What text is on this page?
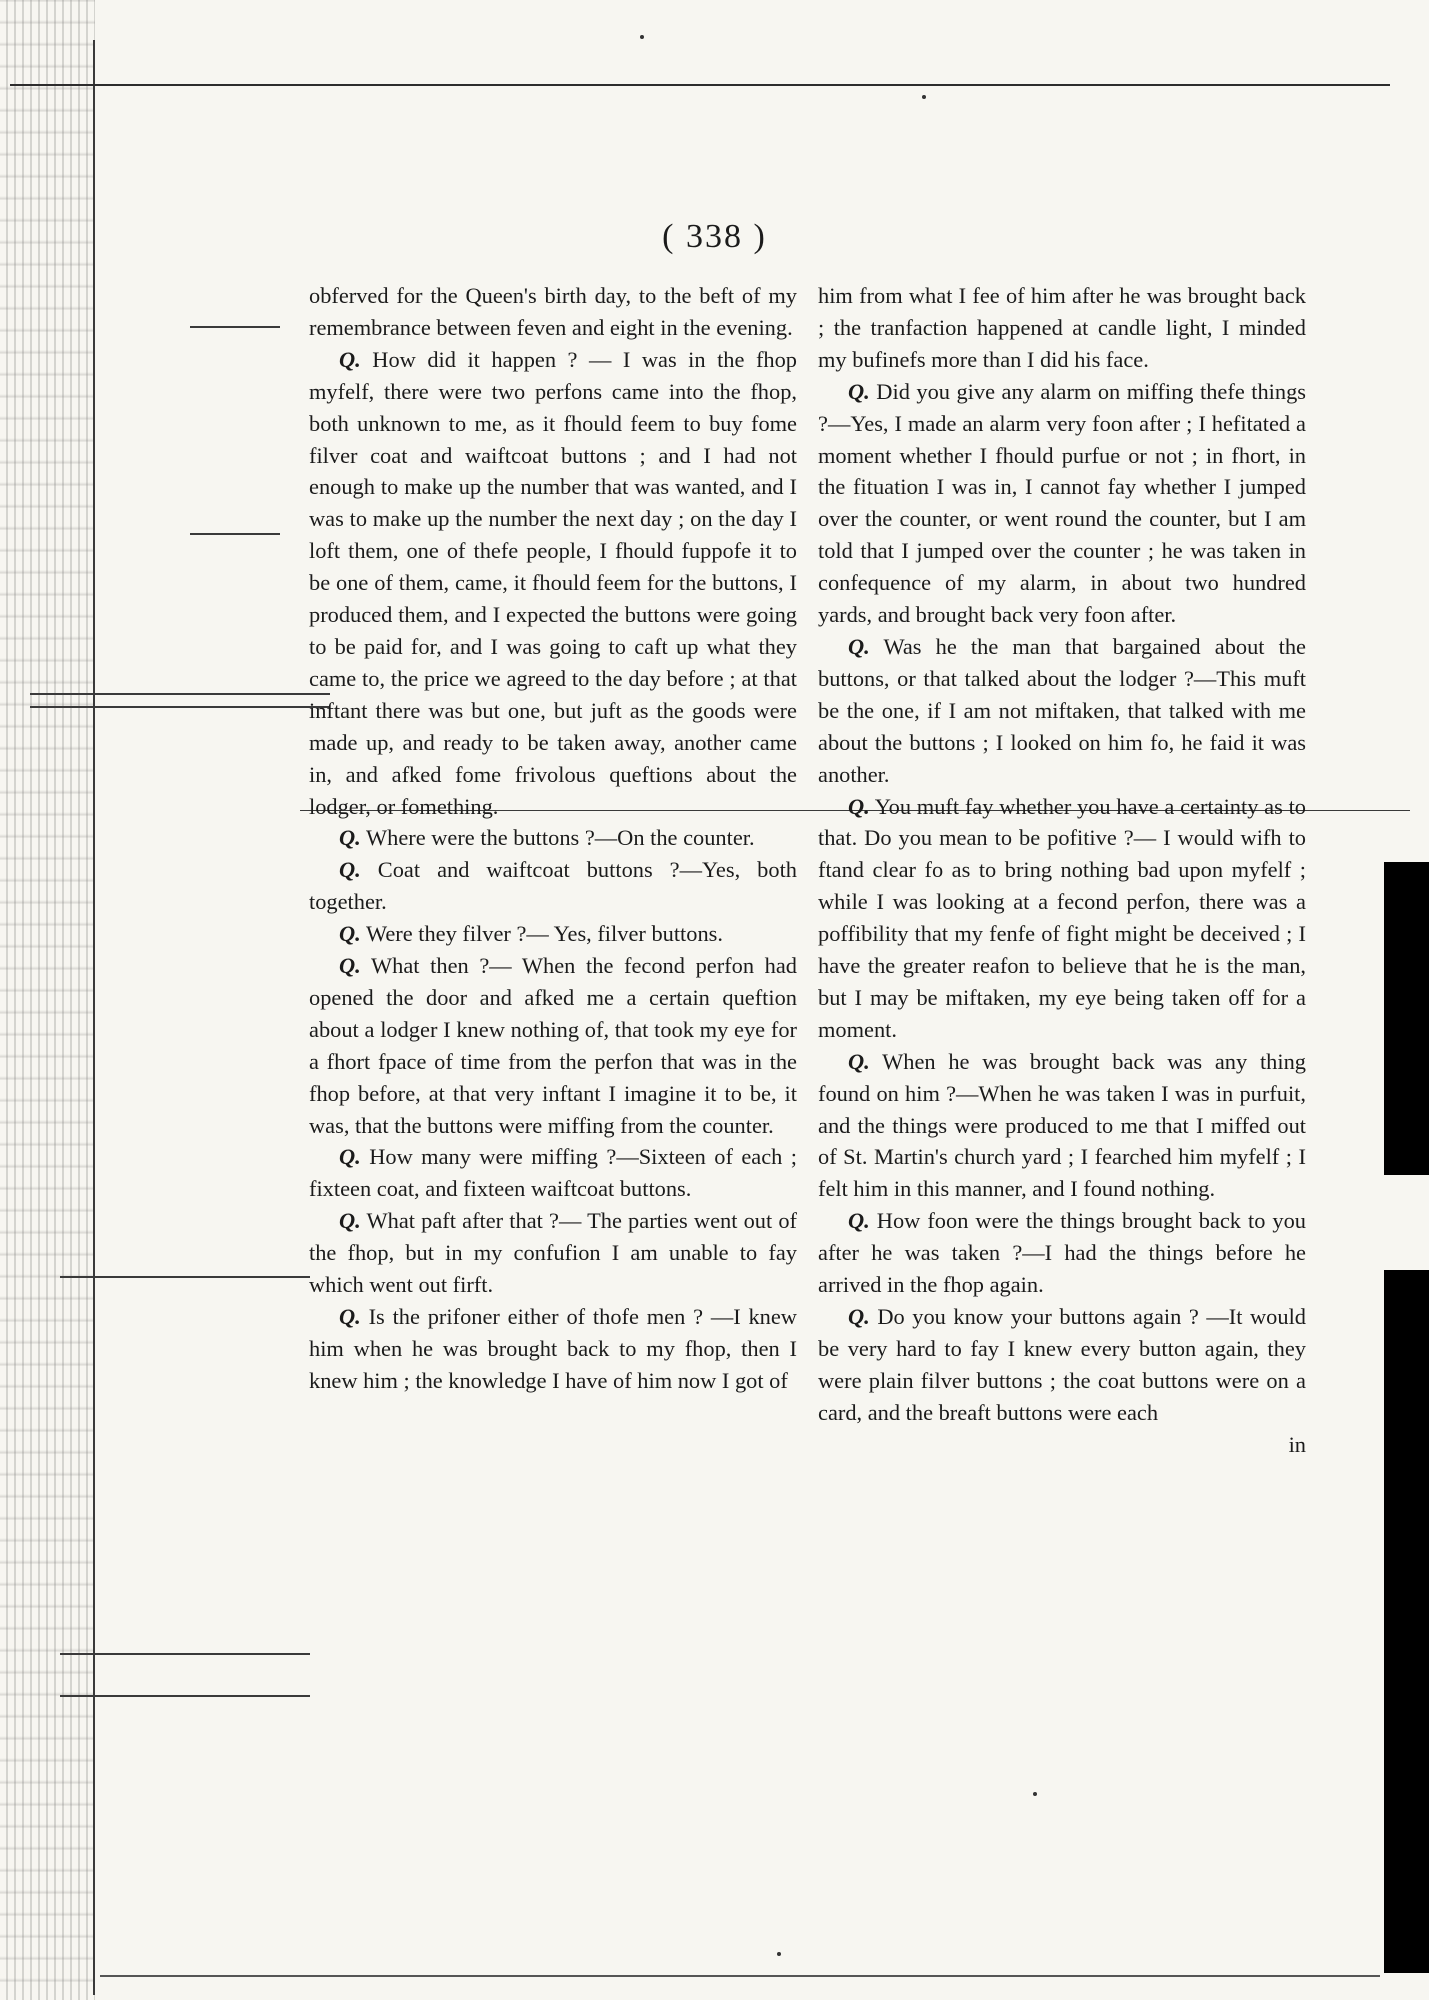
( 338 )

obferved for the Queen's birth day, to the beft of my remembrance between feven and eight in the evening.

Q. How did it happen ? — I was in the fhop myfelf, there were two perfons came into the fhop, both unknown to me, as it fhould feem to buy fome filver coat and waiftcoat buttons ; and I had not enough to make up the number that was wanted, and I was to make up the number the next day ; on the day I loft them, one of thefe people, I fhould fuppofe it to be one of them, came, it fhould feem for the buttons, I produced them, and I expected the buttons were going to be paid for, and I was going to caft up what they came to, the price we agreed to the day before ; at that inftant there was but one, but juft as the goods were made up, and ready to be taken away, another came in, and afked fome frivolous queftions about the lodger, or fomething.

Q. Where were the buttons ?—On the counter.

Q. Coat and waiftcoat buttons ?—Yes, both together.

Q. Were they filver ?— Yes, filver buttons.

Q. What then ?— When the fecond perfon had opened the door and afked me a certain queftion about a lodger I knew nothing of, that took my eye for a fhort fpace of time from the perfon that was in the fhop before, at that very inftant I imagine it to be, it was, that the buttons were miffing from the counter.

Q. How many were miffing ?—Sixteen of each ; fixteen coat, and fixteen waiftcoat buttons.

Q. What paft after that ?— The parties went out of the fhop, but in my confufion I am unable to fay which went out firft.

Q. Is the prifoner either of thofe men ? —I knew him when he was brought back to my fhop, then I knew him ; the knowledge I have of him now I got of

him from what I fee of him after he was brought back ; the tranfaction happened at candle light, I minded my bufinefs more than I did his face.

Q. Did you give any alarm on miffing thefe things ?—Yes, I made an alarm very foon after ; I hefitated a moment whether I fhould purfue or not ; in fhort, in the fituation I was in, I cannot fay whether I jumped over the counter, or went round the counter, but I am told that I jumped over the counter ; he was taken in confequence of my alarm, in about two hundred yards, and brought back very foon after.

Q. Was he the man that bargained about the buttons, or that talked about the lodger ?—This muft be the one, if I am not miftaken, that talked with me about the buttons ; I looked on him fo, he faid it was another.

Q. You muft fay whether you have a certainty as to that. Do you mean to be pofitive ?— I would wifh to ftand clear fo as to bring nothing bad upon myfelf ; while I was looking at a fecond perfon, there was a poffibility that my fenfe of fight might be deceived ; I have the greater reafon to believe that he is the man, but I may be miftaken, my eye being taken off for a moment.

Q. When he was brought back was any thing found on him ?—When he was taken I was in purfuit, and the things were produced to me that I miffed out of St. Martin's church yard ; I fearched him myfelf ; I felt him in this manner, and I found nothing.

Q. How foon were the things brought back to you after he was taken ?—I had the things before he arrived in the fhop again.

Q. Do you know your buttons again ? —It would be very hard to fay I knew every button again, they were plain filver buttons ; the coat buttons were on a card, and the breaft buttons were each

in
